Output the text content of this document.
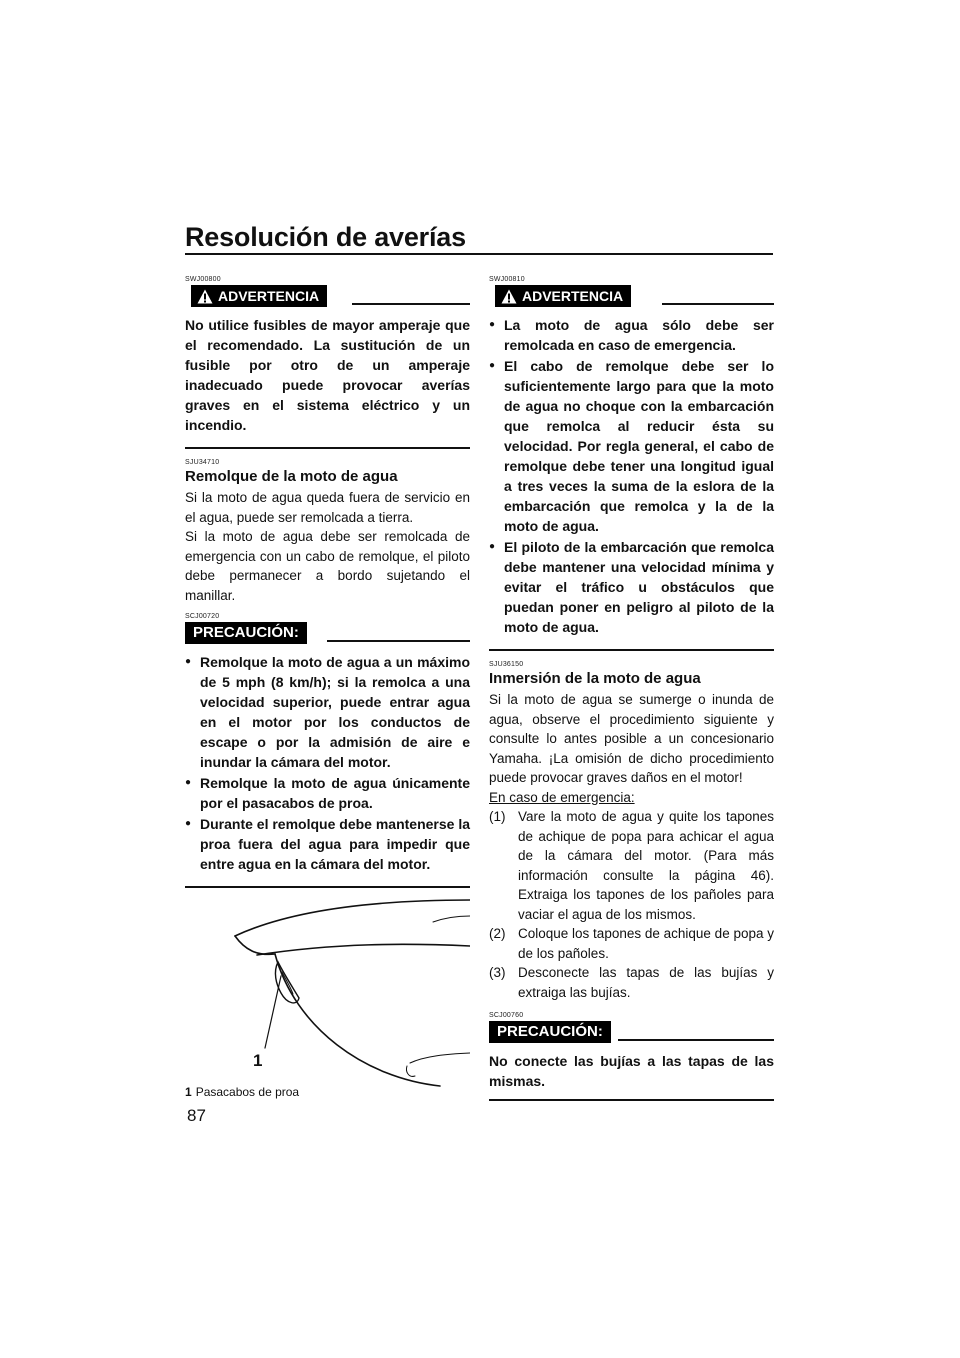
Resolución de averías
SWJ00800
ADVERTENCIA
No utilice fusibles de mayor amperaje que el recomendado. La sustitución de un fusible por otro de un amperaje inadecuado puede provocar averías graves en el sistema eléctrico y un incendio.
SJU34710
Remolque de la moto de agua

Si la moto de agua queda fuera de servicio en el agua, puede ser remolcada a tierra.

Si la moto de agua debe ser remolcada de emergencia con un cabo de remolque, el piloto debe permanecer a bordo sujetando el manillar.

SCJ00720
PRECAUCIÓN:
● Remolque la moto de agua a un máximo de 5 mph (8 km/h); si la remolca a una velocidad superior, puede entrar agua en el motor por los conductos de escape o por la admisión de aire e inundar la cámara del motor.
● Remolque la moto de agua únicamente por el pasacabos de proa.
● Durante el remolque debe mantenerse la proa fuera del agua para impedir que entre agua en la cámara del motor.
1
1 Pasacabos de proa
SWJ00810
ADVERTENCIA
● La moto de agua sólo debe ser remolcada en caso de emergencia.
● El cabo de remolque debe ser lo suficientemente largo para que la moto de agua no choque con la embarcación que remolca al reducir ésta su velocidad. Por regla general, el cabo de remolque debe tener una longitud igual a tres veces la suma de la eslora de la embarcación que remolca y la de la moto de agua.
● El piloto de la embarcación que remolca debe mantener una velocidad mínima y evitar el tráfico u obstáculos que puedan poner en peligro al piloto de la moto de agua.
SJU36150
Inmersión de la moto de agua

Si la moto de agua se sumerge o inunda de agua, observe el procedimiento siguiente y consulte lo antes posible a un concesionario Yamaha. ¡La omisión de dicho procedimiento puede provocar graves daños en el motor!

En caso de emergencia:
(1) Vare la moto de agua y quite los tapones de achique de popa para achicar el agua de la cámara del motor. (Para más información consulte la página 46). Extraiga los tapones de los pañoles para vaciar el agua de los mismos.
(2) Coloque los tapones de achique de popa y de los pañoles.
(3) Desconecte las tapas de las bujías y extraiga las bujías.
SCJ00760
PRECAUCIÓN:
No conecte las bujías a las tapas de las mismas.
87
